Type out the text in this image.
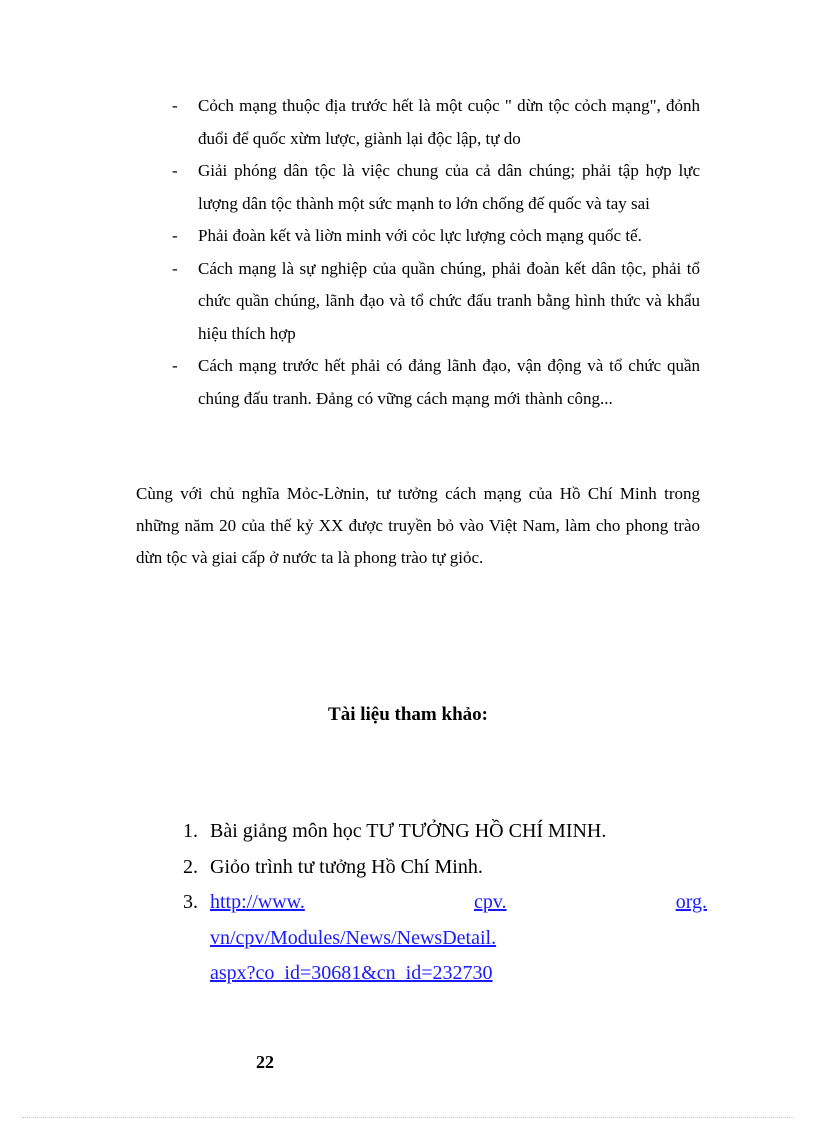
- Cỏch mạng thuộc địa trước hết là một cuộc " dừn tộc cỏch mạng", đỏnh đuổi để quốc xừm lược, giành lại độc lập, tự do
- Giải phóng dân tộc là việc chung của cả dân chúng; phải tập hợp lực lượng dân tộc thành một sức mạnh to lớn chống đế quốc và tay sai
- Phải đoàn kết và liờn minh với cỏc lực lượng cỏch mạng quốc tế.
- Cách mạng là sự nghiệp của quần chúng, phải đoàn kết dân tộc, phải tổ chức quần chúng, lãnh đạo và tổ chức đấu tranh bằng hình thức và khẩu hiệu thích hợp
- Cách mạng trước hết phải có đảng lãnh đạo, vận động và tổ chức quần chúng đấu tranh. Đảng có vững cách mạng mới thành công...

Cùng với chủ nghĩa Mỏc-Lờnin, tư tưởng cách mạng của Hồ Chí Minh trong những năm 20 của thế kỷ XX được truyền bỏ vào Việt Nam, làm cho phong trào dừn tộc và giai cấp ở nước ta là phong trào tự giỏc.

Tài liệu tham khảo:
1. Bài giảng môn học TƯ TƯỞNG HỒ CHÍ MINH.
2. Giỏo trình tư tưởng Hồ Chí Minh.
3. http://www.	cpv.	org.
vn/cpv/Modules/News/NewsDetail.
aspx?co_id=30681&cn_id=232730

22
